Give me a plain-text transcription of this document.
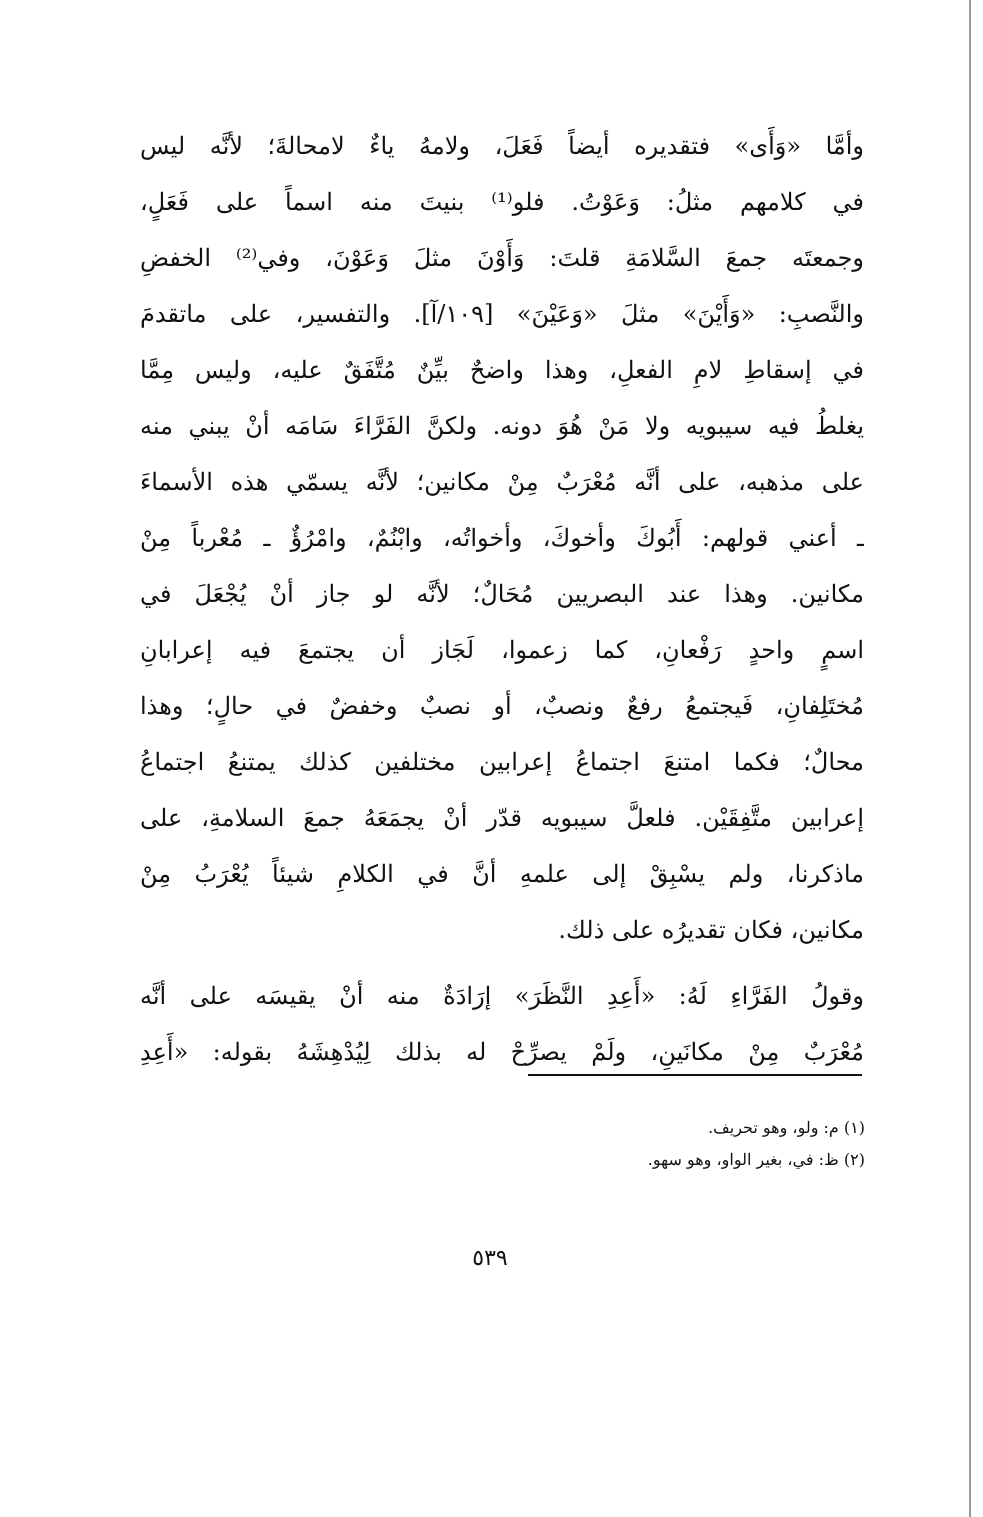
وأمَّا «وَأَى» فتقديره أيضاً فَعَلَ، ولامهُ ياءٌ لامحالةَ؛ لأنَّه ليس
في كلامهم مثلُ: وَعَوْتُ. فلو⁽¹⁾ بنيتَ منه اسماً على فَعَلٍ،
وجمعتَه جمعَ السَّلامَةِ قلتَ: وَأَوْنَ مثلَ وَعَوْنَ، وفي⁽²⁾ الخفضِ
والنَّصبِ: «وَأَيْنَ» مثلَ «وَعَيْنَ» [١٠٩/آ]. والتفسير، على ماتقدمَ
في إسقاطِ لامِ الفعلِ، وهذا واضحٌ بيِّنٌ مُتَّفَقٌ عليه، وليس مِمَّا
يغلطُ فيه سيبويه ولا مَنْ هُوَ دونه. ولكنَّ الفَرَّاءَ سَامَه أنْ يبني منه
على مذهبه، على أنَّه مُعْرَبٌ مِنْ مكانين؛ لأنَّه يسمّي هذه الأسماءَ
ـ أعني قولهم: أَبُوكَ وأخوكَ، وأخواتُه، وابْنُمٌ، وامْرُؤٌ ـ مُعْرباً مِنْ
مكانين. وهذا عند البصريين مُحَالٌ؛ لأنَّه لو جاز أنْ يُجْعَلَ في
اسمٍ واحدٍ رَفْعانِ، كما زعموا، لَجَاز أن يجتمعَ فيه إعرابانِ
مُختَلِفانِ، فَيجتمعُ رفعٌ ونصبٌ، أو نصبٌ وخفضٌ في حالٍ؛ وهذا
محالٌ؛ فكما امتنعَ اجتماعُ إعرابين مختلفين كذلك يمتنعُ اجتماعُ
إعرابين متَّفِقَيْن. فلعلَّ سيبويه قدّر أنْ يجمَعَهُ جمعَ السلامةِ، على
ماذكرنا، ولم يسْبِقْ إلى علمهِ أنَّ في الكلامِ شيئاً يُعْرَبُ مِنْ
مكانين، فكان تقديرُه على ذلك.
وقولُ الفَرَّاءِ لَهُ: «أَعِدِ النَّظَرَ» إرَادَةٌ منه أنْ يقيسَه على أنَّه
مُعْرَبٌ مِنْ مكانَينِ، ولَمْ يصرِّحْ له بذلك لِيُدْهِشَهُ بقوله: «أَعِدِ
(١) م: ولو، وهو تحريف.
(٢) ظ: في، بغير الواو، وهو سهو.
٥٣٩
